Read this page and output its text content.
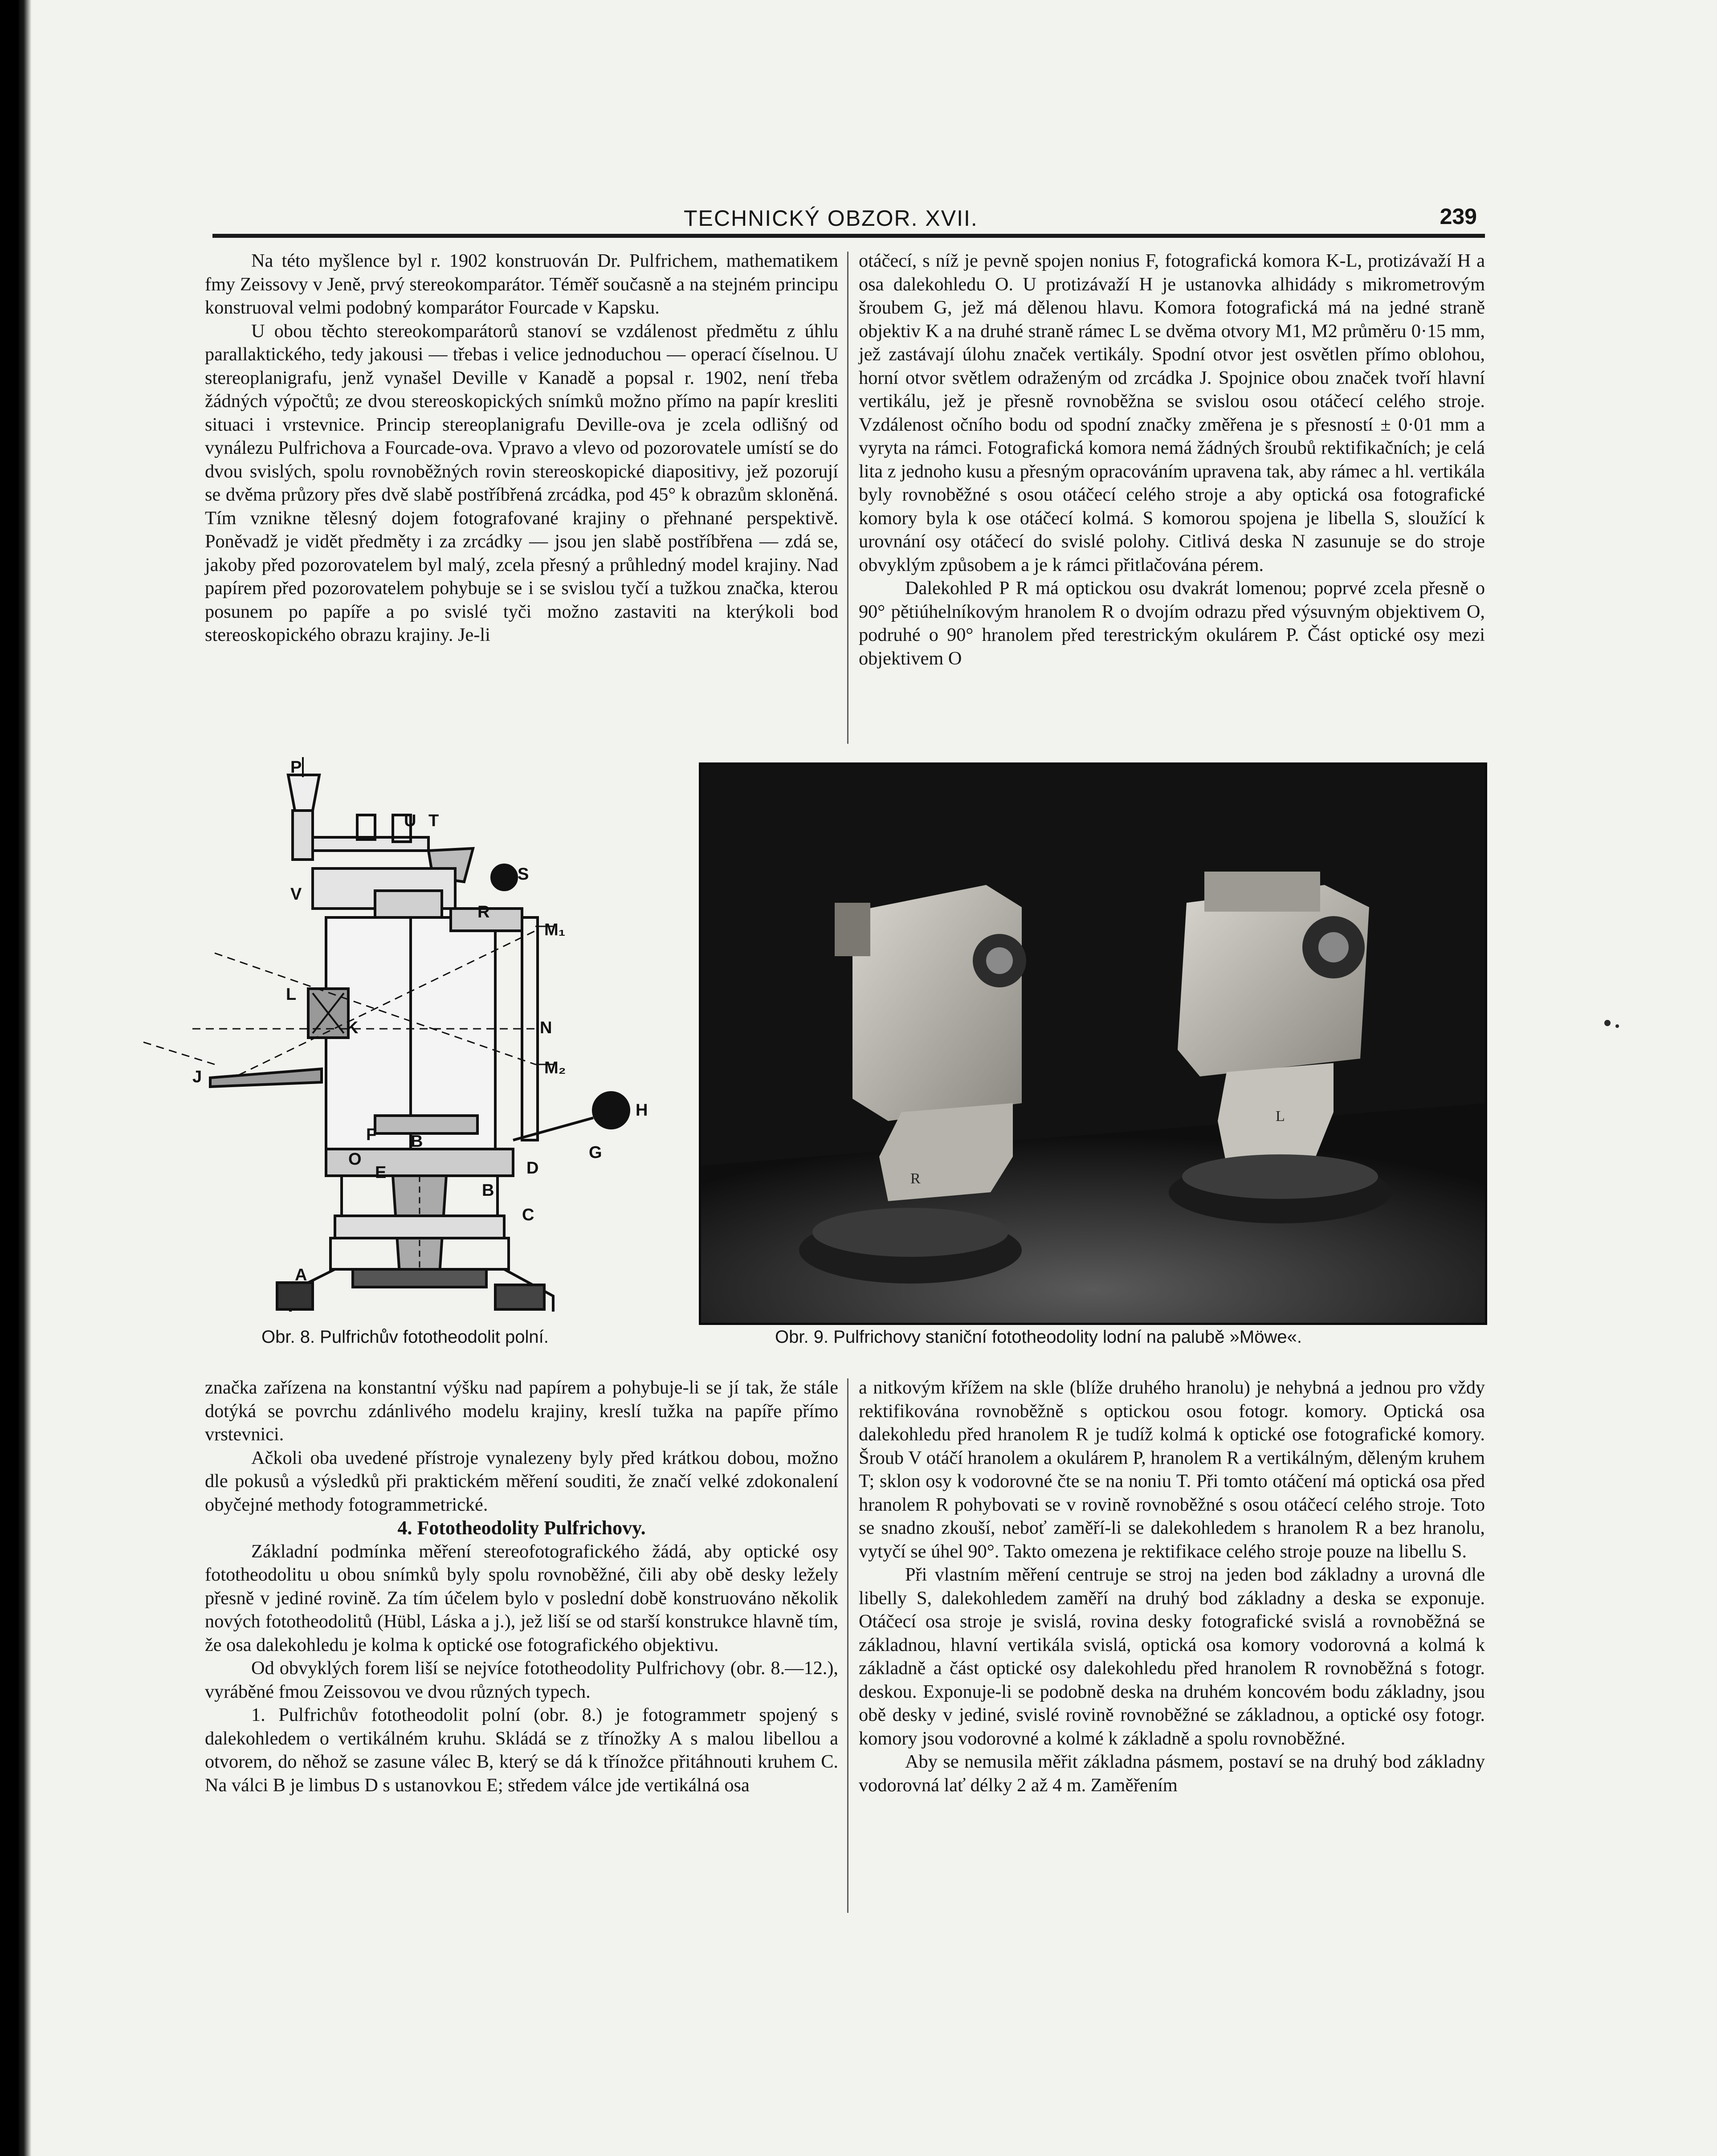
TECHNICKÝ OBZOR. XVII.	239

Na této myšlence byl r. 1902 konstruován Dr. Pulfrichem, mathematikem fmy Zeissovy v Jeně, prvý stereokomparátor. Téměř současně a na stejném principu konstruoval velmi podobný komparátor Fourcade v Kapsku.

U obou těchto stereokomparátorů stanoví se vzdálenost předmětu z úhlu parallaktického, tedy jakousi — třebas i velice jednoduchou — operací číselnou. U stereoplanigrafu, jenž vynašel Deville v Kanadě a popsal r. 1902, není třeba žádných výpočtů; ze dvou stereoskopických snímků možno přímo na papír kresliti situaci i vrstevnice. Princip stereoplanigrafu Deville-ova je zcela odlišný od vynálezu Pulfrichova a Fourcade-ova. Vpravo a vlevo od pozorovatele umístí se do dvou svislých, spolu rovnoběžných rovin stereoskopické diapositivy, jež pozorují se dvěma průzory přes dvě slabě postříbřená zrcádka, pod 45° k obrazům skloněná. Tím vznikne tělesný dojem fotografované krajiny o přehnané perspektivě. Poněvadž je vidět předměty i za zrcádky — jsou jen slabě postříbřena — zdá se, jakoby před pozorovatelem byl malý, zcela přesný a průhledný model krajiny. Nad papírem před pozorovatelem pohybuje se i se svislou tyčí a tužkou značka, kterou posunem po papíře a po svislé tyči možno zastaviti na kterýkoli bod stereoskopického obrazu krajiny. Je-li

otáčecí, s níž je pevně spojen nonius F, fotografická komora K-L, protizávaží H a osa dalekohledu O. U protizávaží H je ustanovka alhidády s mikrometrovým šroubem G, jež má dělenou hlavu. Komora fotografická má na jedné straně objektiv K a na druhé straně rámec L se dvěma otvory M1, M2 průměru 0·15 mm, jež zastávají úlohu značek vertikály. Spodní otvor jest osvětlen přímo oblohou, horní otvor světlem odraženým od zrcádka J. Spojnice obou značek tvoří hlavní vertikálu, jež je přesně rovnoběžna se svislou osou otáčecí celého stroje. Vzdálenost očního bodu od spodní značky změřena je s přesností ± 0·01 mm a vyryta na rámci. Fotografická komora nemá žádných šroubů rektifikačních; je celá lita z jednoho kusu a přesným opracováním upravena tak, aby rámec a hl. vertikála byly rovnoběžné s osou otáčecí celého stroje a aby optická osa fotografické komory byla k ose otáčecí kolmá. S komorou spojena je libella S, sloužící k urovnání osy otáčecí do svislé polohy. Citlivá deska N zasunuje se do stroje obvyklým způsobem a je k rámci přitlačována pérem.

Dalekohled P R má optickou osu dvakrát lomenou; poprvé zcela přesně o 90° pětiúhelníkovým hranolem R o dvojím odrazu před výsuvným objektivem O, podruhé o 90° hranolem před terestrickým okulárem P. Část optické osy mezi objektivem O

P
U T
S
V
R
M₁
L
K	N
J	M₂
H
F B
O
E	D
G
B
C
A
R
L
Obr. 8. Pulfrichův fototheodolit polní.	Obr. 9. Pulfrichovy staniční fototheodolity lodní na palubě »Möwe«.

značka zařízena na konstantní výšku nad papírem a pohybuje-li se jí tak, že stále dotýká se povrchu zdánlivého modelu krajiny, kreslí tužka na papíře přímo vrstevnici.

Ačkoli oba uvedené přístroje vynalezeny byly před krátkou dobou, možno dle pokusů a výsledků při praktickém měření souditi, že značí velké zdokonalení obyčejné methody fotogrammetrické.

4. Fototheodolity Pulfrichovy.

Základní podmínka měření stereofotografického žádá, aby optické osy fototheodolitu u obou snímků byly spolu rovnoběžné, čili aby obě desky ležely přesně v jediné rovině. Za tím účelem bylo v poslední době konstruováno několik nových fototheodolitů (Hübl, Láska a j.), jež liší se od starší konstrukce hlavně tím, že osa dalekohledu je kolma k optické ose fotografického objektivu.

Od obvyklých forem liší se nejvíce fototheodolity Pulfrichovy (obr. 8.—12.), vyráběné fmou Zeissovou ve dvou různých typech.

1. Pulfrichův fototheodolit polní (obr. 8.) je fotogrammetr spojený s dalekohledem o vertikálném kruhu. Skládá se z třínožky A s malou libellou a otvorem, do něhož se zasune válec B, který se dá k třínožce přitáhnouti kruhem C. Na válci B je limbus D s ustanovkou E; středem válce jde vertikálná osa

a nitkovým křížem na skle (blíže druhého hranolu) je nehybná a jednou pro vždy rektifikována rovnoběžně s optickou osou fotogr. komory. Optická osa dalekohledu před hranolem R je tudíž kolmá k optické ose fotografické komory. Šroub V otáčí hranolem a okulárem P, hranolem R a vertikálným, děleným kruhem T; sklon osy k vodorovné čte se na noniu T. Při tomto otáčení má optická osa před hranolem R pohybovati se v rovině rovnoběžné s osou otáčecí celého stroje. Toto se snadno zkouší, neboť zaměří-li se dalekohledem s hranolem R a bez hranolu, vytyčí se úhel 90°. Takto omezena je rektifikace celého stroje pouze na libellu S.

Při vlastním měření centruje se stroj na jeden bod základny a urovná dle libelly S, dalekohledem zaměří na druhý bod základny a deska se exponuje. Otáčecí osa stroje je svislá, rovina desky fotografické svislá a rovnoběžná se základnou, hlavní vertikála svislá, optická osa komory vodorovná a kolmá k základně a část optické osy dalekohledu před hranolem R rovnoběžná s fotogr. deskou. Exponuje-li se podobně deska na druhém koncovém bodu základny, jsou obě desky v jediné, svislé rovině rovnoběžné se základnou, a optické osy fotogr. komory jsou vodorovné a kolmé k základně a spolu rovnoběžné.

Aby se nemusila měřit základna pásmem, postaví se na druhý bod základny vodorovná lať délky 2 až 4 m. Zaměřením
